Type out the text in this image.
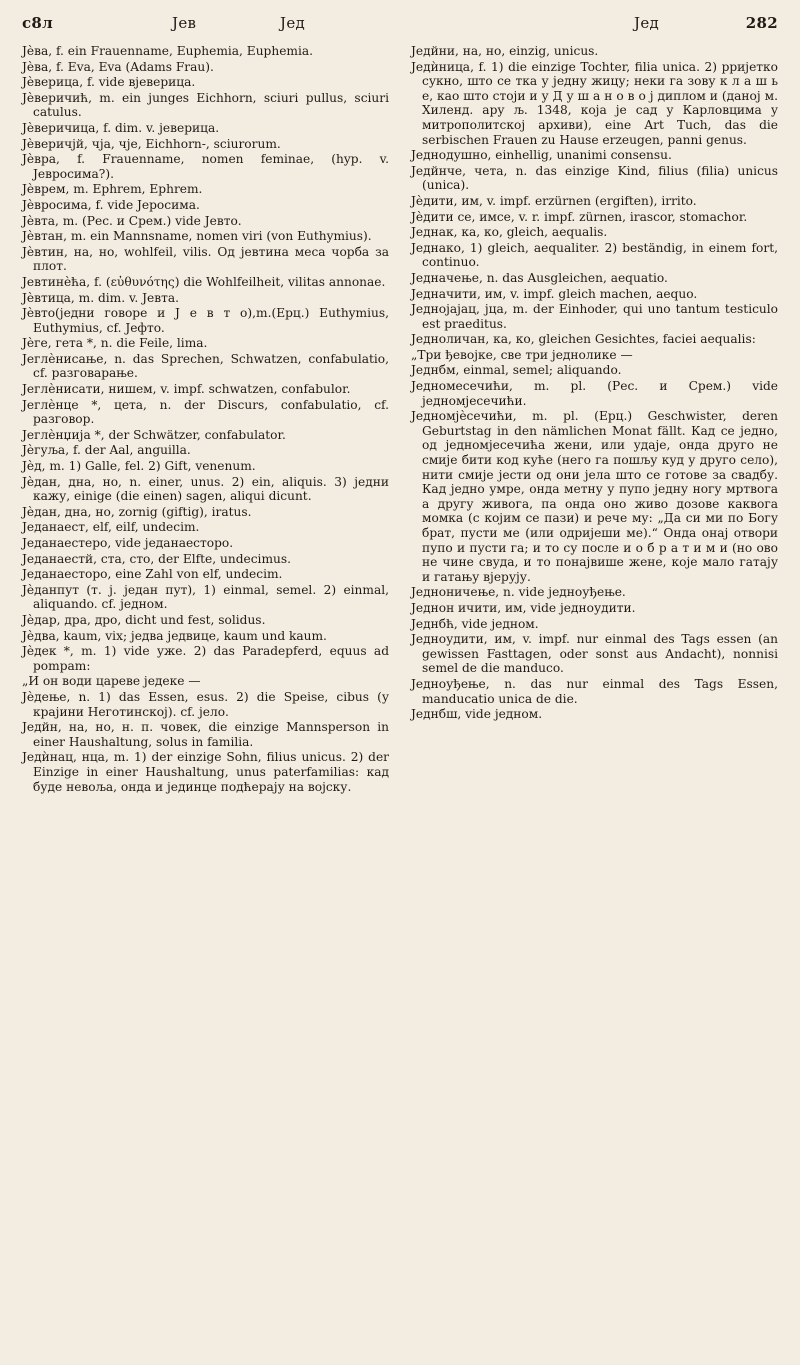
с8л	Јев	Јед	Јед	282

Јѐва, f. ein Frauenname, Euphemia, Euphemia.

Јѐва, f. Eva, Eva (Adams Frau).

Јѐверица, f. vide вјеверица.

Јѐверичић, m. ein junges Eichhorn, sciuri pullus, sciuri catulus.

Јѐверичица, f. dim. v. јеверица.

Јѐверичјй, чја, чје, Eichhorn-, sciurorum.

Јѐвра, f. Frauenname, nomen feminae, (hyp. v. Јевросима?).

Јѐврем, m. Ephrem, Ephrem.

Јѐвросима, f. vide Јеросима.

Јѐвта, m. (Рес. и Срем.) vide Јевто.

Јѐвтан, m. ein Mannsname, nomen viri (von Euthymius).

Јѐвтин, на, но, wohlfeil, vilis. Од јевтина меса чорба за плот.

Јевтинѐћа, f. (εὐθυνότης) die Wohlfeilheit, vilitas annonae.

Јѐвтица, m. dim. v. Јевта.

Јѐвто(једни говоре и Ј е в т о),m.(Ерц.) Euthymius, Euthymius, cf. Јефтo.

Јѐге, гета *, n. die Feile, lima.

Јеглѐнисање, n. das Sprechen, Schwatzen, confabulatio, cf. разговарање.

Јеглѐнисати, нишем, v. impf. schwatzen, confabulor.

Јеглѐнце *, цета, n. der Discurs, confabulatio, cf. разговор.

Јеглѐнџија *, der Schwätzer, confabulator.

Јѐгуља, f. der Aal, anguilla.

Јѐд, m. 1) Galle, fel. 2) Gift, venenum.

Јѐдан, дна, но, n. einer, unus. 2) ein, aliquis. 3) једни кажу, einige (die einen) sagen, aliqui dicunt.

Јѐдан, дна, но, zornig (giftig), iratus.

Једанаест, elf, eilf, undecim.

Једанаестеро, vide једанаесторо.

Једанаестй, ста, сто, der Elfte, undecimus.

Једанаесторо, eine Zahl von elf, undecim.

Јѐданпут (т. ј. један пут), 1) einmal, semel. 2) einmal, aliquando. cf. једном.

Јѐдар, дра, дро, dicht und fest, solidus.

Јѐдва, kaum, vix; једва једвице, kaum und kaum.

Јѐдек *, m. 1) vide уже. 2) das Paradepferd, equus ad pompam:

„И он води цареве једеке —

Јѐдење, n. 1) das Essen, esus. 2) die Speise, cibus (у крајини Неготинској). cf. јело.

Једйн, на, но, н. п. човек, die einzige Mannsperson in einer Haushaltung, solus in familia.

Једѝнац, нца, m. 1) der einzige Sohn, filius unicus. 2) der Einzige in einer Haushaltung, unus paterfamilias: кад буде невоља, онда и јединце подћерају на војску.

Једйни, на, но, einzig, unicus.

Једѝница, f. 1) die einzige Tochter, filia unica. 2) рријетко сукно, што се тка у једну жицу; неки га зову к л а ш ь е, као што стоји и у Д у ш а н о в о ј диплом и (даној м. Хиленд. ару љ. 1348, која је сад у Карловцима у митрополитској архиви), eine Art Tuch, das die serbischen Frauen zu Hause erzeugen, panni genus.

Једнодушно, einhellig, unanimi consensu.

Једйнче, чета, n. das einzige Kind, filius (filia) unicus (unica).

Јѐдити, им, v. impf. erzürnen (ergiften), irrito.

Јѐдити се, имсе, v. r. impf. zürnen, irascor, stomachor.

Једнак, ка, ко, gleich, aequalis.

Једнако, 1) gleich, aequaliter. 2) beständig, in einem fort, continuo.

Једначење, n. das Ausgleichen, aequatio.

Једначити, им, v. impf. gleich machen, aequo.

Једнојајац, јца, m. der Einhoder, qui uno tantum testiculo est praeditus.

Једноличан, ка, ко, gleichen Gesichtes, faciei aequalis:

„Три ђевојке, све три једнолике —

Једнбм, einmal, semel; aliquando.

Једномесечићи, m. pl. (Рес. и Срем.) vide једномјесечићи.

Једномјѐсечићи, m. pl. (Ерц.) Geschwister, deren Geburtstag in den nämlichen Monat fällt. Кад се једно, од једномјесечића жени, или удаје, онда друго не смије бити код куће (него га пошљу куд у друго село), нити смије јести од они јела што се готове за свадбу. Кад једно умре, онда метну у пупо једну ногу мртвога а другу живога, па онда оно живо дозове каквога момка (с којим се пази) и рече му: „Да си ми по Богу брат, пусти ме (или одријеши ме).“ Онда онај отвори пупо и пусти га; и то су после и о б р а т и м и (но ово не чине свуда, и то понајвише жене, које мало гатају и гатању вјерују.

Једноничење, n. vide једноуђење.

Једнон ичити, им, vide једноудити.

Једнбћ, vide једном.

Једноудити, им, v. impf. nur einmal des Tags essen (an gewissen Fasttagen, oder sonst aus Andacht), nonnisi semel de die manduco.

Једноуђење, n. das nur einmal des Tags Essen, manducatio unica de die.

Једнбш, vide једном.
